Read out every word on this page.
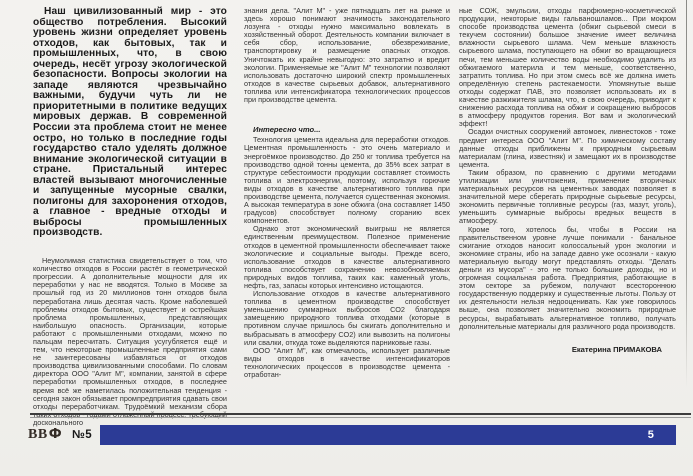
Наш цивилизованный мир - это общество потребления. Высокий уровень жизни определяет уровень отходов, как бытовых, так и промышленных, что, в свою очередь, несёт угрозу экологической безопасности. Вопросы экологии на западе являются чрезвычайно важными, будучи чуть ли не приоритетными в политике ведущих мировых держав. В современной России эта проблема стоит не менее остро, но только в последние годы государство стало уделять должное внимание экологической ситуации в стране. Пристальный интерес властей вызывают многочисленные и запущенные мусорные свалки, полигоны для захоронения отходов, а главное - вредные отходы и выбросы промышленных производств.

Неумолимая статистика свидетельствует о том, что количество отходов в России растёт в геометрической прогрессии. А дополнительные мощности для их переработки у нас не вводятся. Только в Москве за прошлый год из 20 миллионов тонн отходов была переработана лишь десятая часть. Кроме наболевшей проблемы отходов бытовых, существует и острейшая проблема промышленных, представляющих наибольшую опасность. Организации, которые работают с промышленными отходами, можно по пальцам пересчитать. Ситуация усугубляется ещё и тем, что некоторые промышленные предприятия сами не заинтересованы избавляться от отходов производства цивилизованными способами. По словам директора ООО "Алит М", компании, занятой в сфере переработки промышленных отходов, в последнее время всё же наметилась положительная тенденция - сегодня закон обязывает промпредприятия сдавать свои отходы переработчикам. Трудоёмкий механизм сбора таких отходов - годами отлаженный процесс, требующий досконального

знания дела. "Алит М" - уже пятнадцать лет на рынке и здесь хорошо понимают значимость законодательного лозунга - отходы нужно максимально вовлекать в хозяйственный оборот. Деятельность компании включает в себя сбор, использование, обезвреживание, транспортировку и размещение опасных отходов. Уничтожать их крайне невыгодно: это затратно и вредит экологии. Применяемые же "Алит М" технологии позволяют использовать достаточно широкий спектр промышленных отходов в качестве сырьевых добавок, альтернативного топлива или интенсификатора технологических процессов при производстве цемента.

Интересно что...

Технология цемента идеальна для переработки отходов. Цементная промышленность - это очень материало и энергоёмкое производство. До 250 кг топлива требуется на производство одной тонны цемента, до 35% всех затрат в структуре себестоимости продукции составляет стоимость топлива и электроэнергии, поэтому, используя горючие виды отходов в качестве альтернативного топлива при производстве цемента, получается существенная экономия. А высокая температура в зоне обжига (она составляет 1450 градусов) способствует полному сгоранию всех компонентов.

Однако этот экономический выигрыш не является единственным преимуществом. Полезное применение отходов в цементной промышленности обеспечивает также экологические и социальные выгоды. Прежде всего, использование отходов в качестве альтернативного топлива способствует сохранению невозобновляемых природных видов топлива, таких как: каменный уголь, нефть, газ, запасы которых интенсивно истощаются.

Использование отходов в качестве альтернативного топлива в цементном производстве способствует уменьшению суммарных выбросов СО2 благодаря замещению природного топлива отходами (которые в противном случае пришлось бы сжигать дополнительно и выбрасывать в атмосферу СО2) или вывозить на полигоны или свалки, откуда тоже выделяются парниковые газы.

ООО "Алит М", как отмечалось, использует различные виды отходов в качестве интенсификаторов технологических процессов в производстве цемента - отработан-

ные СОЖ, эмульсии, отходы парфюмерно-косметической продукции, некоторые виды гальваношламов... При мокром способе производства цемента (обжиг сырьевой смеси в текучем состоянии) большое значение имеет величина влажности сырьевого шлама. Чем меньше влажность сырьевого шлама, поступающего на обжиг во вращающиеся печи, тем меньшее количество воды необходимо удалить из обжигаемого материла и тем меньше, соответственно, затратить топлива. Но при этом смесь всё же должна иметь определённую степень растекаемости. Упомянутые выше отходы содержат ПАВ, это позволяет использовать их в качестве разжижителя шлама, что, в свою очередь, приводит к снижению расхода топлива на обжиг и сокращению выбросов в атмосферу продуктов горения. Вот вам и экологический эффект!

Осадки очистных сооружений автомоек, ливнестоков - тоже предмет интереса ООО "Алит М". По химическому составу данные отходы приближены к природным сырьевым материалам (глина, известняк) и замещают их в производстве цемента.

Таким образом, по сравнению с другими методами утилизации или уничтожения, применение вторичных материальных ресурсов на цементных заводах позволяет в значительной мере сберегать природные сырьевые ресурсы, экономить первичные топливные ресурсы (газ, мазут, уголь), уменьшить суммарные выбросы вредных веществ в атмосферу.

Кроме того, хотелось бы, чтобы в России на правительственном уровне лучше понимали - банальное сжигание отходов наносит колоссальный урон экологии и экономике страны, ибо на западе давно уже осознали - какую материальную выгоду могут представлять отходы. "Делать деньги из мусора" - это не только большие доходы, но и огромная социальная работа. Предприятия, работающие в этом секторе за рубежом, получают всестороннюю государственную поддержку и существенные льготы. Пользу от их деятельности нельзя недооценивать. Как уже говорилось выше, она позволяет значительно экономить природные ресурсы, вырабатывать альтернативное топливо, получать дополнительные материалы для различного рода производств.

Екатерина ПРИМАКОВА
ВВФ №5	5
